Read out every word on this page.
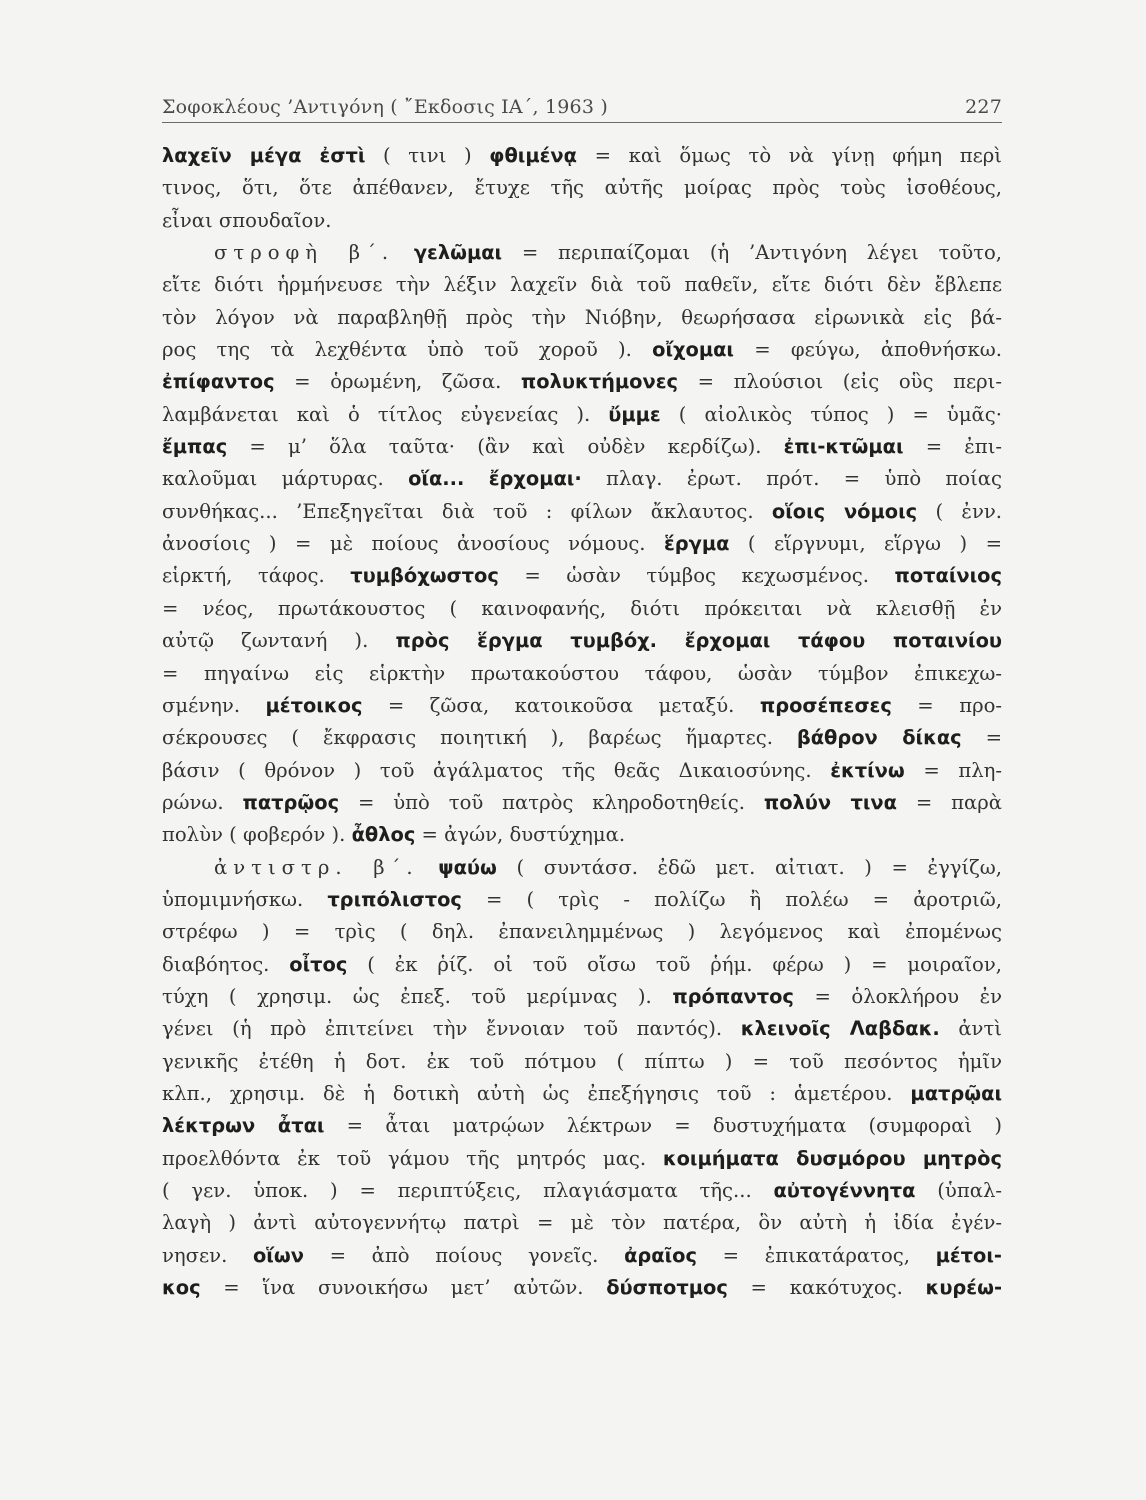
Σοφοκλέους ’Αντιγόνη ( ῎Εκδοσις ΙΑ΄, 1963 )	227
λαχεῖν μέγα ἐστὶ ( τινι ) φθιμένᾳ = καὶ ὅμως τὸ νὰ γίνῃ φήμη περὶ
τινος, ὅτι, ὅτε ἀπέθανεν, ἔτυχε τῆς αὐτῆς μοίρας πρὸς τοὺς ἰσοθέους,
εἶναι σπουδαῖον.
στροφὴ β΄. γελῶμαι = περιπαίζομαι (ἡ ’Αντιγόνη λέγει τοῦτο,
εἴτε διότι ἡρμήνευσε τὴν λέξιν λαχεῖν διὰ τοῦ παθεῖν, εἴτε διότι δὲν ἔβλεπε
τὸν λόγον νὰ παραβληθῇ πρὸς τὴν Νιόβην, θεωρήσασα εἰρωνικὰ εἰς βά-
ρος της τὰ λεχθέντα ὑπὸ τοῦ χοροῦ ). οἴχομαι = φεύγω, ἀποθνήσκω.
ἐπίφαντος = ὁρωμένη, ζῶσα. πολυκτήμονες = πλούσιοι (εἰς οὓς περι-
λαμβάνεται καὶ ὁ τίτλος εὐγενείας ). ὔμμε ( αἰολικὸς τύπος ) = ὑμᾶς·
ἔμπας = μ’ ὅλα ταῦτα· (ἂν καὶ οὐδὲν κερδίζω). ἐπι-κτῶμαι = ἐπι-
καλοῦμαι μάρτυρας. οἵα... ἔρχομαι· πλαγ. ἐρωτ. πρότ. = ὑπὸ ποίας
συνθήκας... ’Επεξηγεῖται διὰ τοῦ : φίλων ἄκλαυτος. οἵοις νόμοις ( ἐνν.
ἀνοσίοις ) = μὲ ποίους ἀνοσίους νόμους. ἕργμα ( εἵργνυμι, εἵργω ) =
εἱρκτή, τάφος. τυμβόχωστος = ὡσὰν τύμβος κεχωσμένος. ποταίνιος
= νέος, πρωτάκουστος ( καινοφανής, διότι πρόκειται νὰ κλεισθῇ ἐν
αὐτῷ ζωντανή ). πρὸς ἕργμα τυμβόχ. ἔρχομαι τάφου ποταινίου
= πηγαίνω εἰς εἱρκτὴν πρωτακούστου τάφου, ὡσὰν τύμβον ἐπικεχω-
σμένην. μέτοικος = ζῶσα, κατοικοῦσα μεταξύ. προσέπεσες = προ-
σέκρουσες ( ἔκφρασις ποιητική ), βαρέως ἥμαρτες. βάθρον δίκας =
βάσιν ( θρόνον ) τοῦ ἀγάλματος τῆς θεᾶς Δικαιοσύνης. ἐκτίνω = πλη-
ρώνω. πατρῷος = ὑπὸ τοῦ πατρὸς κληροδοτηθείς. πολύν τινα = παρὰ
πολὺν ( φοβερόν ). ἆθλος = ἀγών, δυστύχημα.
ἀντιστρ. β΄. ψαύω ( συντάσσ. ἐδῶ μετ. αἰτιατ. ) = ἐγγίζω,
ὑπομιμνήσκω. τριπόλιστος = ( τρὶς - πολίζω ἢ πολέω = ἀροτριῶ,
στρέφω ) = τρὶς ( δηλ. ἐπανειλημμένως ) λεγόμενος καὶ ἐπομένως
διαβόητος. οἶτος ( ἐκ ῥίζ. οἰ τοῦ οἴσω τοῦ ῥήμ. φέρω ) = μοιραῖον,
τύχη ( χρησιμ. ὡς ἐπεξ. τοῦ μερίμνας ). πρόπαντος = ὁλοκλήρου ἐν
γένει (ἡ πρὸ ἐπιτείνει τὴν ἔννοιαν τοῦ παντός). κλεινοῖς Λαβδακ. ἀντὶ
γενικῆς ἐτέθη ἡ δοτ. ἐκ τοῦ πότμου ( πίπτω ) = τοῦ πεσόντος ἡμῖν
κλπ., χρησιμ. δὲ ἡ δοτικὴ αὐτὴ ὡς ἐπεξήγησις τοῦ : ἁμετέρου. ματρῷαι
λέκτρων ἆται = ἆται ματρῴων λέκτρων = δυστυχήματα (συμφοραὶ )
προελθόντα ἐκ τοῦ γάμου τῆς μητρός μας. κοιμήματα δυσμόρου μητρὸς
( γεν. ὑποκ. ) = περιπτύξεις, πλαγιάσματα τῆς... αὐτογέννητα (ὑπαλ-
λαγὴ ) ἀντὶ αὐτογεννήτῳ πατρὶ = μὲ τὸν πατέρα, ὃν αὐτὴ ἡ ἰδία ἐγέν-
νησεν. οἵων = ἀπὸ ποίους γονεῖς. ἀραῖος = ἐπικατάρατος, μέτοι-
κος = ἵνα συνοικήσω μετ’ αὐτῶν. δύσποτμος = κακότυχος. κυρέω-
